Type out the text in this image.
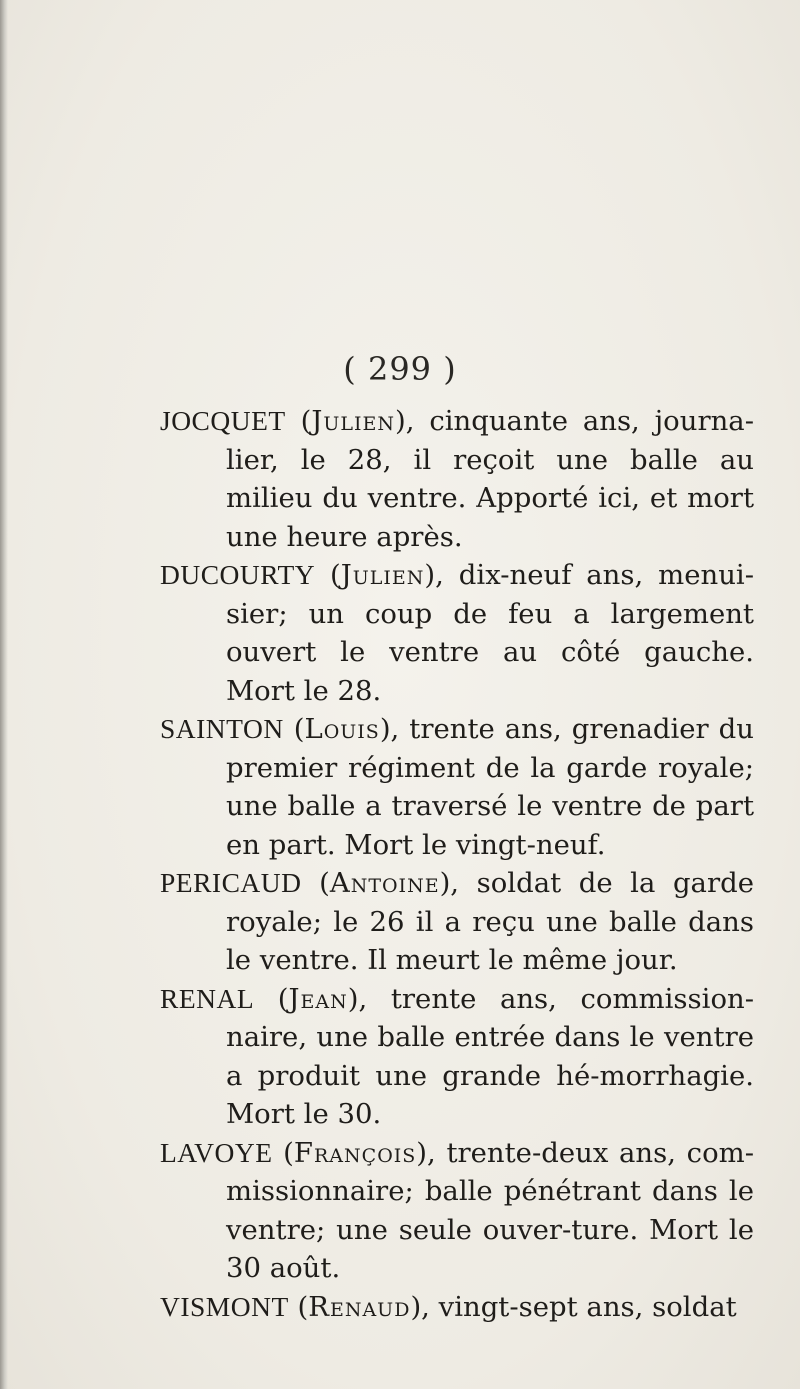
( 299 )

JOCQUET (Julien), cinquante ans, journa-lier, le 28, il reçoit une balle au milieu du ventre. Apporté ici, et mort une heure après.

DUCOURTY (Julien), dix-neuf ans, menui-sier; un coup de feu a largement ouvert le ventre au côté gauche. Mort le 28.

SAINTON (Louis), trente ans, grenadier du premier régiment de la garde royale; une balle a traversé le ventre de part en part. Mort le vingt-neuf.

PERICAUD (Antoine), soldat de la garde royale; le 26 il a reçu une balle dans le ventre. Il meurt le même jour.

RENAL (Jean), trente ans, commission-naire, une balle entrée dans le ventre a produit une grande hé-morrhagie. Mort le 30.

LAVOYE (François), trente-deux ans, com-missionnaire; balle pénétrant dans le ventre; une seule ouver-ture. Mort le 30 août.

VISMONT (Renaud), vingt-sept ans, soldat
